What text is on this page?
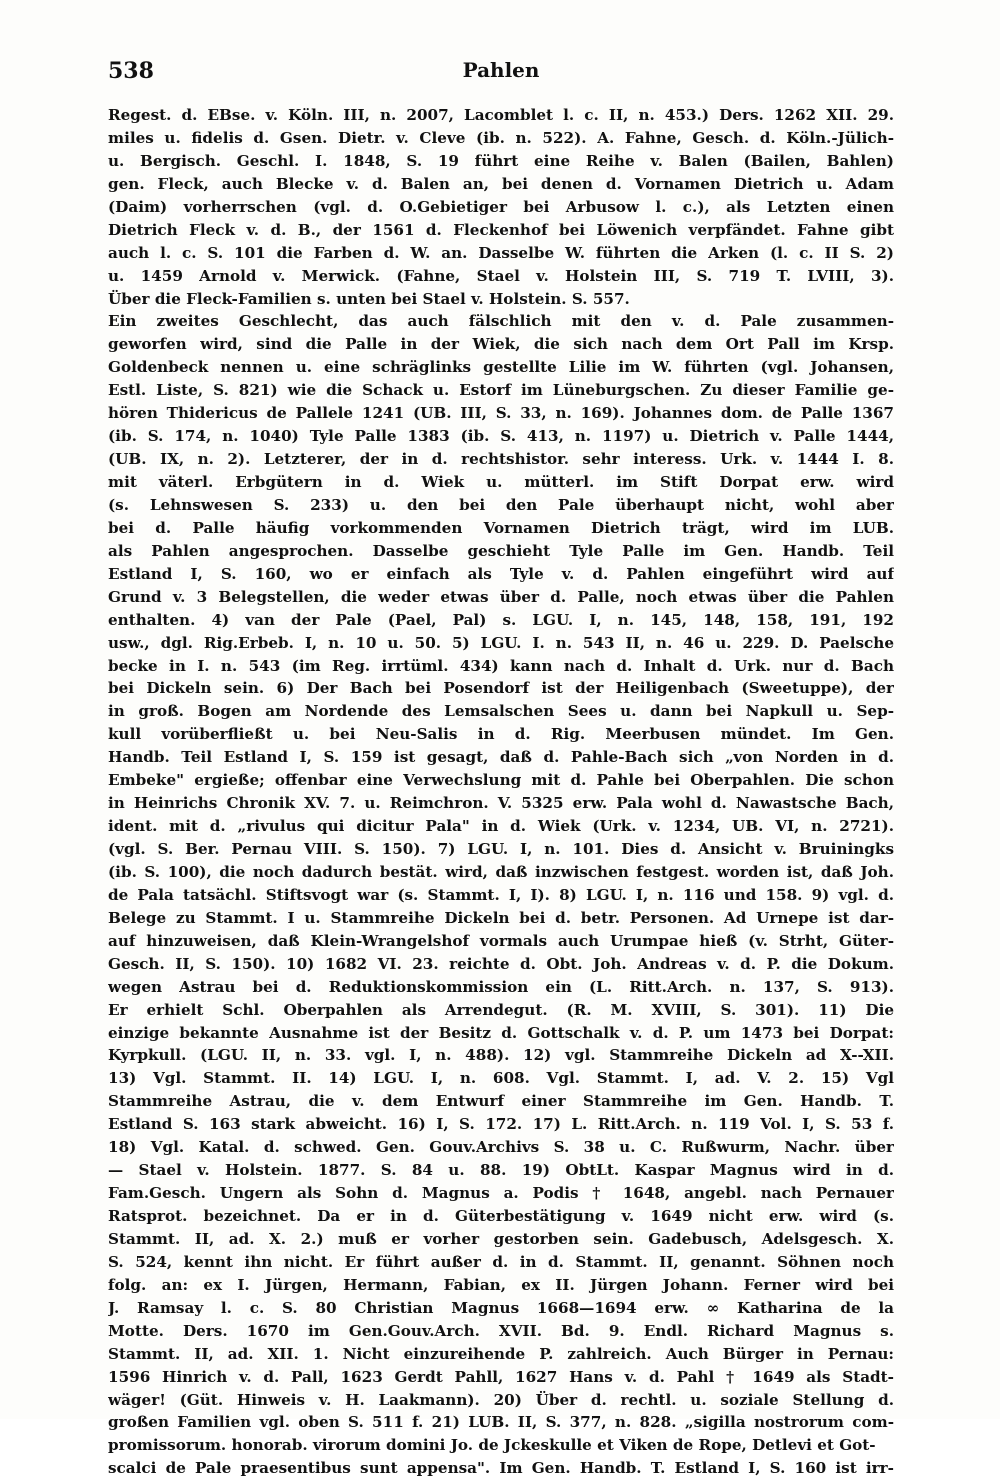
538	Pahlen
Regest. d. EBse. v. Köln. III, n. 2007, Lacomblet l. c. II, n. 453.) Ders. 1262 XII. 29.
miles u. fidelis d. Gsen. Dietr. v. Cleve (ib. n. 522). A. Fahne, Gesch. d. Köln.-Jülich-
u. Bergisch. Geschl. I. 1848, S. 19 führt eine Reihe v. Balen (Bailen, Bahlen)
gen. Fleck, auch Blecke v. d. Balen an, bei denen d. Vornamen Dietrich u. Adam
(Daim) vorherrschen (vgl. d. O.Gebietiger bei Arbusow l. c.), als Letzten einen
Dietrich Fleck v. d. B., der 1561 d. Fleckenhof bei Löwenich verpfändet. Fahne gibt
auch l. c. S. 101 die Farben d. W. an. Dasselbe W. führten die Arken (l. c. II S. 2)
u. 1459 Arnold v. Merwick. (Fahne, Stael v. Holstein III, S. 719 T. LVIII, 3).
Über die Fleck-Familien s. unten bei Stael v. Holstein. S. 557.
Ein zweites Geschlecht, das auch fälschlich mit den v. d. Pale zusammen-
geworfen wird, sind die Palle in der Wiek, die sich nach dem Ort Pall im Krsp.
Goldenbeck nennen u. eine schräglinks gestellte Lilie im W. führten (vgl. Johansen,
Estl. Liste, S. 821) wie die Schack u. Estorf im Lüneburgschen. Zu dieser Familie ge-
hören Thidericus de Pallele 1241 (UB. III, S. 33, n. 169). Johannes dom. de Palle 1367
(ib. S. 174, n. 1040) Tyle Palle 1383 (ib. S. 413, n. 1197) u. Dietrich v. Palle 1444,
(UB. IX, n. 2). Letzterer, der in d. rechtshistor. sehr interess. Urk. v. 1444 I. 8.
mit väterl. Erbgütern in d. Wiek u. mütterl. im Stift Dorpat erw. wird
(s. Lehnswesen S. 233) u. den bei den Pale überhaupt nicht, wohl aber
bei d. Palle häufig vorkommenden Vornamen Dietrich trägt, wird im LUB.
als Pahlen angesprochen. Dasselbe geschieht Tyle Palle im Gen. Handb. Teil
Estland I, S. 160, wo er einfach als Tyle v. d. Pahlen eingeführt wird auf
Grund v. 3 Belegstellen, die weder etwas über d. Palle, noch etwas über die Pahlen
enthalten. 4) van der Pale (Pael, Pal) s. LGU. I, n. 145, 148, 158, 191, 192
usw., dgl. Rig.Erbeb. I, n. 10 u. 50. 5) LGU. I. n. 543 II, n. 46 u. 229. D. Paelsche
becke in I. n. 543 (im Reg. irrtüml. 434) kann nach d. Inhalt d. Urk. nur d. Bach
bei Dickeln sein. 6) Der Bach bei Posendorf ist der Heiligenbach (Sweetuppe), der
in groß. Bogen am Nordende des Lemsalschen Sees u. dann bei Napkull u. Sep-
kull vorüberfließt u. bei Neu-Salis in d. Rig. Meerbusen mündet. Im Gen.
Handb. Teil Estland I, S. 159 ist gesagt, daß d. Pahle-Bach sich „von Norden in d.
Embeke" ergieße; offenbar eine Verwechslung mit d. Pahle bei Oberpahlen. Die schon
in Heinrichs Chronik XV. 7. u. Reimchron. V. 5325 erw. Pala wohl d. Nawastsche Bach,
ident. mit d. „rivulus qui dicitur Pala" in d. Wiek (Urk. v. 1234, UB. VI, n. 2721).
(vgl. S. Ber. Pernau VIII. S. 150). 7) LGU. I, n. 101. Dies d. Ansicht v. Bruiningks
(ib. S. 100), die noch dadurch bestät. wird, daß inzwischen festgest. worden ist, daß Joh.
de Pala tatsächl. Stiftsvogt war (s. Stammt. I, I). 8) LGU. I, n. 116 und 158. 9) vgl. d.
Belege zu Stammt. I u. Stammreihe Dickeln bei d. betr. Personen. Ad Urnepe ist dar-
auf hinzuweisen, daß Klein-Wrangelshof vormals auch Urumpae hieß (v. Strht, Güter-
Gesch. II, S. 150). 10) 1682 VI. 23. reichte d. Obt. Joh. Andreas v. d. P. die Dokum.
wegen Astrau bei d. Reduktionskommission ein (L. Ritt.Arch. n. 137, S. 913).
Er erhielt Schl. Oberpahlen als Arrendegut. (R. M. XVIII, S. 301). 11) Die
einzige bekannte Ausnahme ist der Besitz d. Gottschalk v. d. P. um 1473 bei Dorpat:
Kyrpkull. (LGU. II, n. 33. vgl. I, n. 488). 12) vgl. Stammreihe Dickeln ad X--XII.
13) Vgl. Stammt. II. 14) LGU. I, n. 608. Vgl. Stammt. I, ad. V. 2. 15) Vgl
Stammreihe Astrau, die v. dem Entwurf einer Stammreihe im Gen. Handb. T.
Estland S. 163 stark abweicht. 16) I, S. 172. 17) L. Ritt.Arch. n. 119 Vol. I, S. 53 f.
18) Vgl. Katal. d. schwed. Gen. Gouv.Archivs S. 38 u. C. Rußwurm, Nachr. über
— Stael v. Holstein. 1877. S. 84 u. 88. 19) ObtLt. Kaspar Magnus wird in d.
Fam.Gesch. Ungern als Sohn d. Magnus a. Podis † 1648, angebl. nach Pernauer
Ratsprot. bezeichnet. Da er in d. Güterbestätigung v. 1649 nicht erw. wird (s.
Stammt. II, ad. X. 2.) muß er vorher gestorben sein. Gadebusch, Adelsgesch. X.
S. 524, kennt ihn nicht. Er führt außer d. in d. Stammt. II, genannt. Söhnen noch
folg. an: ex I. Jürgen, Hermann, Fabian, ex II. Jürgen Johann. Ferner wird bei
J. Ramsay l. c. S. 80 Christian Magnus 1668—1694 erw. ∞ Katharina de la
Motte. Ders. 1670 im Gen.Gouv.Arch. XVII. Bd. 9. Endl. Richard Magnus s.
Stammt. II, ad. XII. 1. Nicht einzureihende P. zahlreich. Auch Bürger in Pernau:
1596 Hinrich v. d. Pall, 1623 Gerdt Pahll, 1627 Hans v. d. Pahl † 1649 als Stadt-
wäger! (Güt. Hinweis v. H. Laakmann). 20) Über d. rechtl. u. soziale Stellung d.
großen Familien vgl. oben S. 511 f. 21) LUB. II, S. 377, n. 828. „sigilla nostrorum com-
promissorum. honorab. virorum domini Jo. de Jckeskulle et Viken de Rope, Detlevi et Got-
scalci de Pale praesentibus sunt appensa". Im Gen. Handb. T. Estland I, S. 160 ist irr-
